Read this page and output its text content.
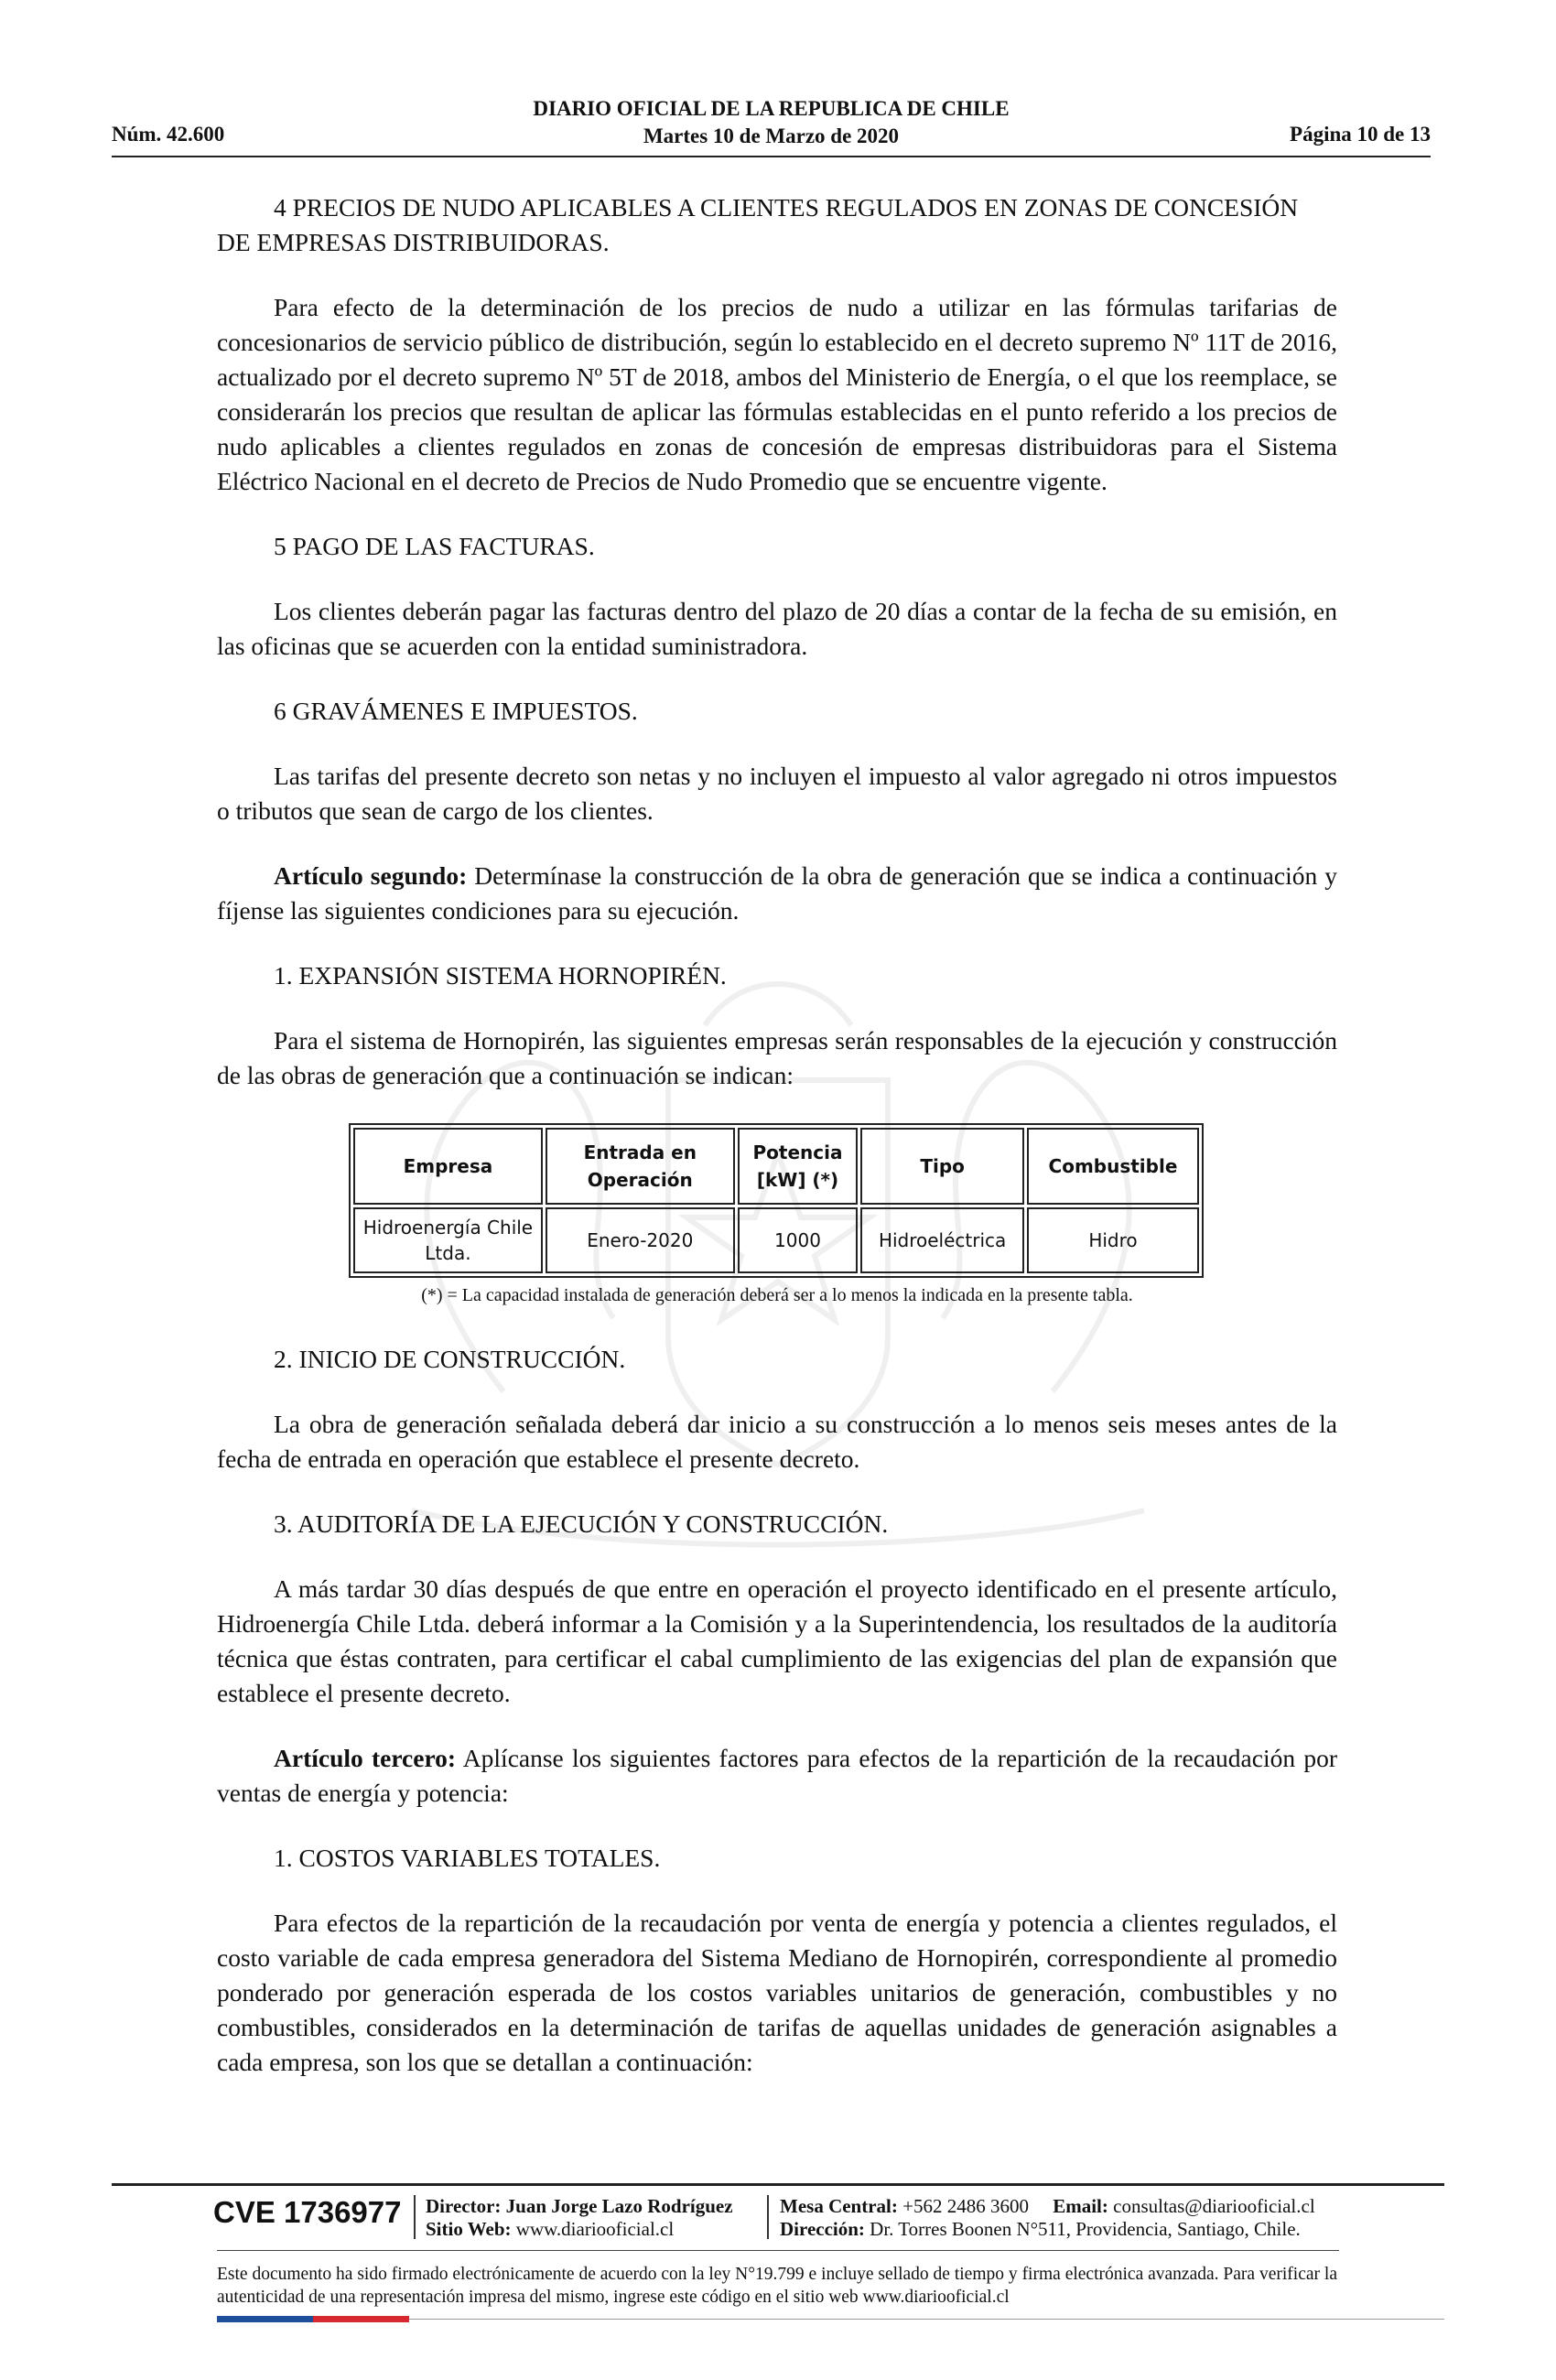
DIARIO OFICIAL DE LA REPUBLICA DE CHILE
Martes 10 de Marzo de 2020
Núm. 42.600	Página 10 de 13

4 PRECIOS DE NUDO APLICABLES A CLIENTES REGULADOS EN ZONAS DE CONCESIÓN DE EMPRESAS DISTRIBUIDORAS.

Para efecto de la determinación de los precios de nudo a utilizar en las fórmulas tarifarias de concesionarios de servicio público de distribución, según lo establecido en el decreto supremo Nº 11T de 2016, actualizado por el decreto supremo Nº 5T de 2018, ambos del Ministerio de Energía, o el que los reemplace, se considerarán los precios que resultan de aplicar las fórmulas establecidas en el punto referido a los precios de nudo aplicables a clientes regulados en zonas de concesión de empresas distribuidoras para el Sistema Eléctrico Nacional en el decreto de Precios de Nudo Promedio que se encuentre vigente.

5 PAGO DE LAS FACTURAS.

Los clientes deberán pagar las facturas dentro del plazo de 20 días a contar de la fecha de su emisión, en las oficinas que se acuerden con la entidad suministradora.

6 GRAVÁMENES E IMPUESTOS.

Las tarifas del presente decreto son netas y no incluyen el impuesto al valor agregado ni otros impuestos o tributos que sean de cargo de los clientes.

Artículo segundo: Determínase la construcción de la obra de generación que se indica a continuación y fíjense las siguientes condiciones para su ejecución.

1. EXPANSIÓN SISTEMA HORNOPIRÉN.

Para el sistema de Hornopirén, las siguientes empresas serán responsables de la ejecución y construcción de las obras de generación que a continuación se indican:

Empresa	Entrada en Operación	Potencia [kW] (*)	Tipo	Combustible
Hidroenergía Chile Ltda.	Enero-2020	1000	Hidroeléctrica	Hidro
(*) = La capacidad instalada de generación deberá ser a lo menos la indicada en la presente tabla.

2. INICIO DE CONSTRUCCIÓN.

La obra de generación señalada deberá dar inicio a su construcción a lo menos seis meses antes de la fecha de entrada en operación que establece el presente decreto.

3. AUDITORÍA DE LA EJECUCIÓN Y CONSTRUCCIÓN.

A más tardar 30 días después de que entre en operación el proyecto identificado en el presente artículo, Hidroenergía Chile Ltda. deberá informar a la Comisión y a la Superintendencia, los resultados de la auditoría técnica que éstas contraten, para certificar el cabal cumplimiento de las exigencias del plan de expansión que establece el presente decreto.

Artículo tercero: Aplícanse los siguientes factores para efectos de la repartición de la recaudación por ventas de energía y potencia:

1. COSTOS VARIABLES TOTALES.

Para efectos de la repartición de la recaudación por venta de energía y potencia a clientes regulados, el costo variable de cada empresa generadora del Sistema Mediano de Hornopirén, correspondiente al promedio ponderado por generación esperada de los costos variables unitarios de generación, combustibles y no combustibles, considerados en la determinación de tarifas de aquellas unidades de generación asignables a cada empresa, son los que se detallan a continuación:

CVE 1736977 Director: Juan Jorge Lazo Rodríguez
Sitio Web: www.diariooficial.cl
Mesa Central: +562 2486 3600 Email: consultas@diariooficial.cl
Dirección: Dr. Torres Boonen N°511, Providencia, Santiago, Chile.
Este documento ha sido firmado electrónicamente de acuerdo con la ley N°19.799 e incluye sellado de tiempo y firma electrónica avanzada. Para verificar la autenticidad de una representación impresa del mismo, ingrese este código en el sitio web www.diariooficial.cl
